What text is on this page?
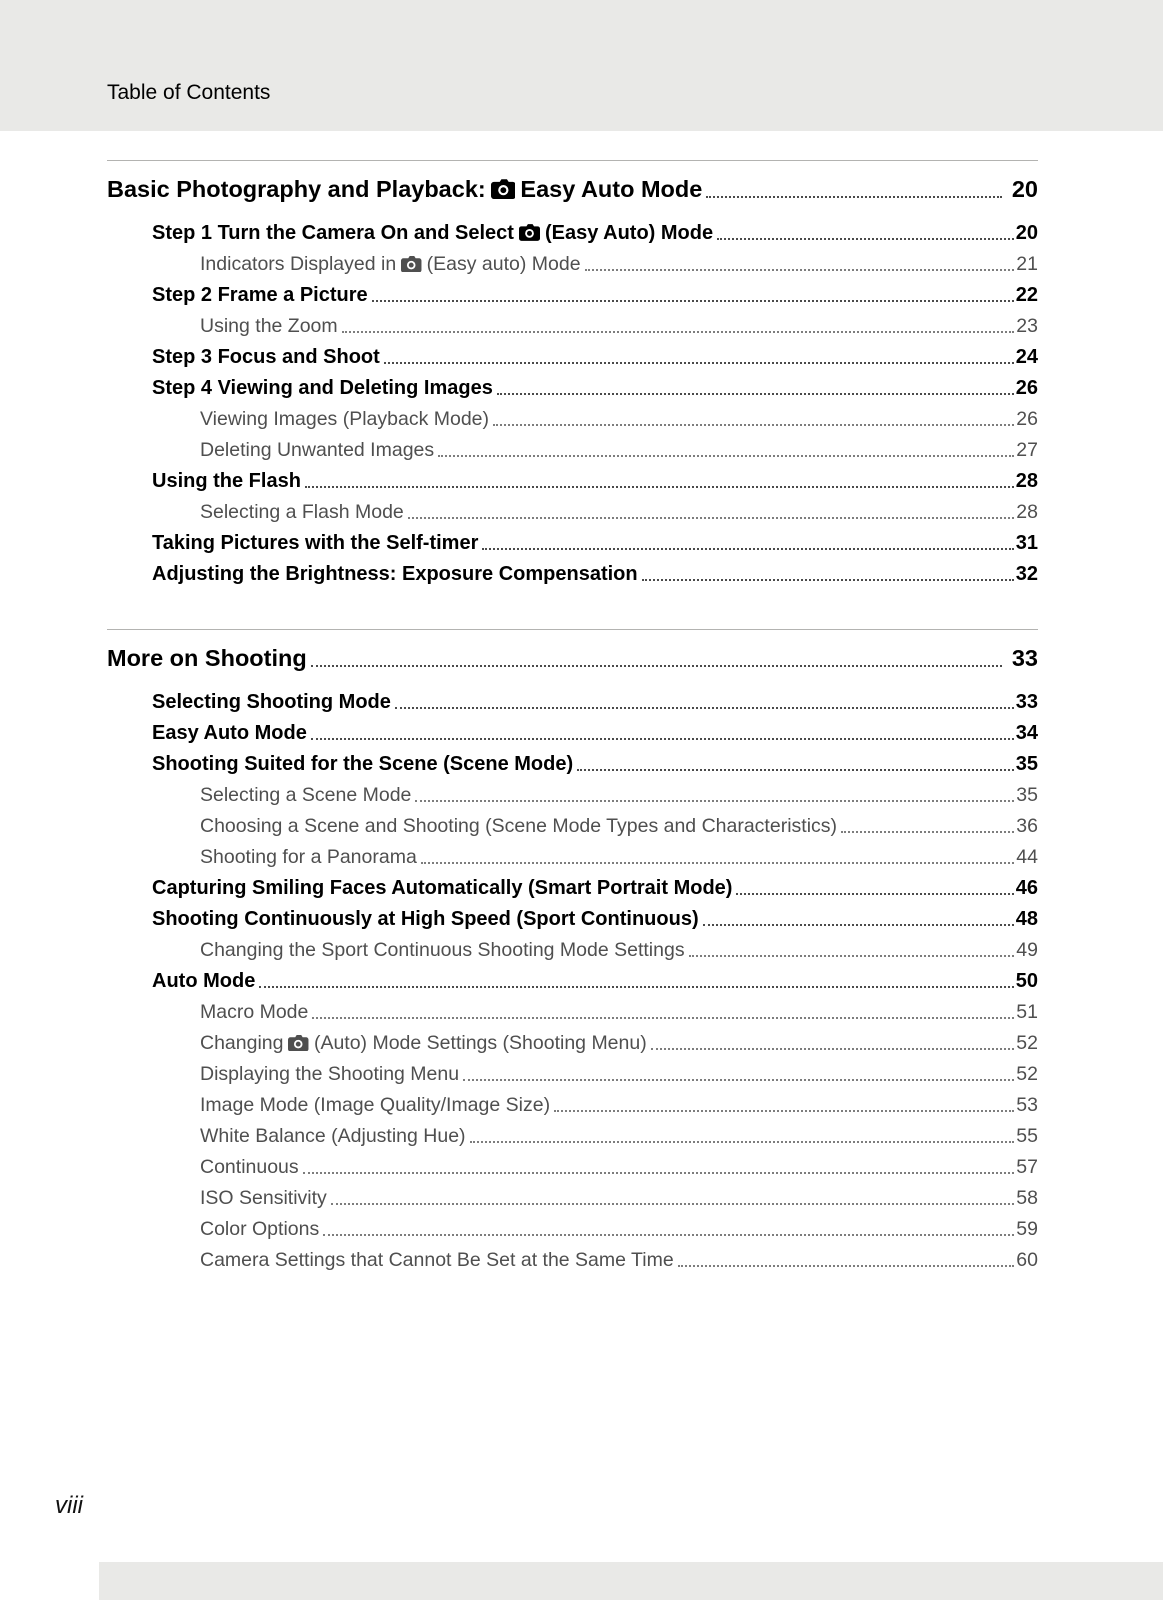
Table of Contents
Basic Photography and Playback: Easy Auto Mode	20
Step 1 Turn the Camera On and Select (Easy Auto) Mode	20
Indicators Displayed in (Easy auto) Mode	21
Step 2 Frame a Picture	22
Using the Zoom	23
Step 3 Focus and Shoot	24
Step 4 Viewing and Deleting Images	26
Viewing Images (Playback Mode)	26
Deleting Unwanted Images	27
Using the Flash	28
Selecting a Flash Mode	28
Taking Pictures with the Self-timer	31
Adjusting the Brightness: Exposure Compensation	32
More on Shooting	33
Selecting Shooting Mode	33
Easy Auto Mode	34
Shooting Suited for the Scene (Scene Mode)	35
Selecting a Scene Mode	35
Choosing a Scene and Shooting (Scene Mode Types and Characteristics)	36
Shooting for a Panorama	44
Capturing Smiling Faces Automatically (Smart Portrait Mode)	46
Shooting Continuously at High Speed (Sport Continuous)	48
Changing the Sport Continuous Shooting Mode Settings	49
Auto Mode	50
Macro Mode	51
Changing (Auto) Mode Settings (Shooting Menu)	52
Displaying the Shooting Menu	52
Image Mode (Image Quality/Image Size)	53
White Balance (Adjusting Hue)	55
Continuous	57
ISO Sensitivity	58
Color Options	59
Camera Settings that Cannot Be Set at the Same Time	60
viii
